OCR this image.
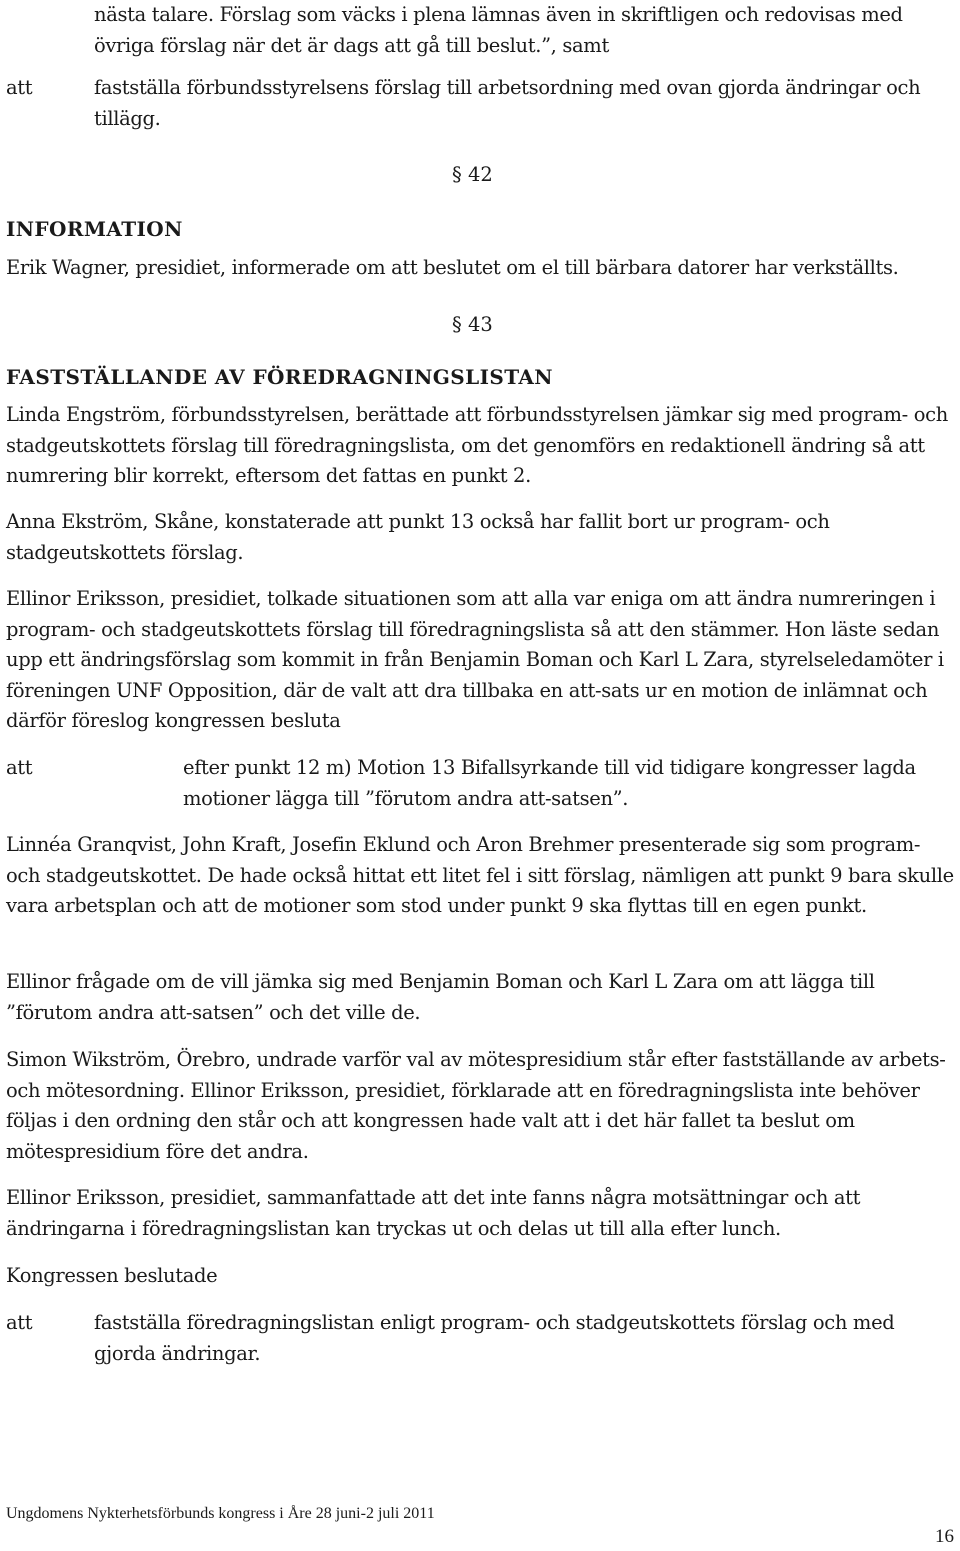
nästa talare. Förslag som väcks i plena lämnas även in skriftligen och redovisas med övriga förslag när det är dags att gå till beslut.”, samt

att	fastställa förbundsstyrelsens förslag till arbetsordning med ovan gjorda ändringar och tillägg.

§ 42
INFORMATION

Erik Wagner, presidiet, informerade om att beslutet om el till bärbara datorer har verkställts.

§ 43
FASTSTÄLLANDE AV FÖREDRAGNINGSLISTAN

Linda Engström, förbundsstyrelsen, berättade att förbundsstyrelsen jämkar sig med program- och stadgeutskottets förslag till föredragningslista, om det genomförs en redaktionell ändring så att numrering blir korrekt, eftersom det fattas en punkt 2.

Anna Ekström, Skåne, konstaterade att punkt 13 också har fallit bort ur program- och stadgeutskottets förslag.

Ellinor Eriksson, presidiet, tolkade situationen som att alla var eniga om att ändra numreringen i program- och stadgeutskottets förslag till föredragningslista så att den stämmer. Hon läste sedan upp ett ändringsförslag som kommit in från Benjamin Boman och Karl L Zara, styrelseledamöter i föreningen UNF Opposition, där de valt att dra tillbaka en att-sats ur en motion de inlämnat och därför föreslog kongressen besluta

att	efter punkt 12 m) Motion 13 Bifallsyrkande till vid tidigare kongresser lagda motioner lägga till ”förutom andra att-satsen”.

Linnéa Granqvist, John Kraft, Josefin Eklund och Aron Brehmer presenterade sig som program- och stadgeutskottet. De hade också hittat ett litet fel i sitt förslag, nämligen att punkt 9 bara skulle vara arbetsplan och att de motioner som stod under punkt 9 ska flyttas till en egen punkt.

Ellinor frågade om de vill jämka sig med Benjamin Boman och Karl L Zara om att lägga till ”förutom andra att-satsen” och det ville de.

Simon Wikström, Örebro, undrade varför val av mötespresidium står efter fastställande av arbets- och mötesordning. Ellinor Eriksson, presidiet, förklarade att en föredragningslista inte behöver följas i den ordning den står och att kongressen hade valt att i det här fallet ta beslut om mötespresidium före det andra.

Ellinor Eriksson, presidiet, sammanfattade att det inte fanns några motsättningar och att ändringarna i föredragningslistan kan tryckas ut och delas ut till alla efter lunch.

Kongressen beslutade

att	fastställa föredragningslistan enligt program- och stadgeutskottets förslag och med gjorda ändringar.

Ungdomens Nykterhetsförbunds kongress i Åre 28 juni-2 juli 2011
16
